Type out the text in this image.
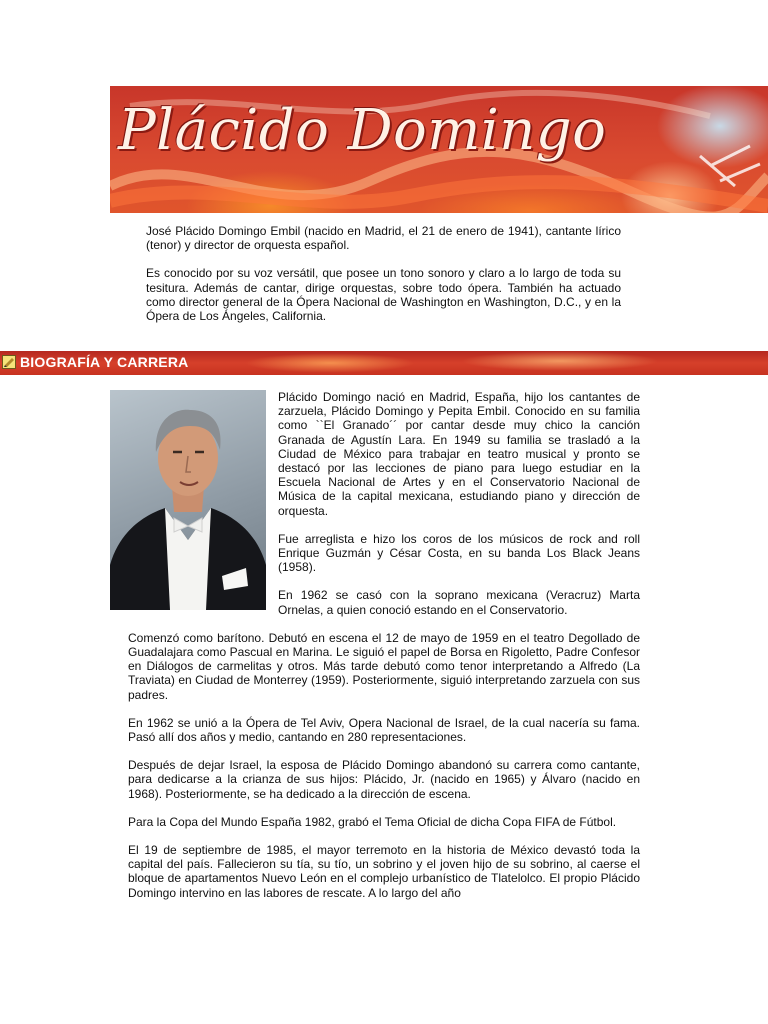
Plácido Domingo

José Plácido Domingo Embil (nacido en Madrid, el 21 de enero de 1941), cantante lírico (tenor) y director de orquesta español.

Es conocido por su voz versátil, que posee un tono sonoro y claro a lo largo de toda su tesitura. Además de cantar, dirige orquestas, sobre todo ópera. También ha actuado como director general de la Ópera Nacional de Washington en Washington, D.C., y en la Ópera de Los Ángeles, California.

BIOGRAFÍA Y CARRERA

Plácido Domingo nació en Madrid, España, hijo los cantantes de zarzuela, Plácido Domingo y Pepita Embil. Conocido en su familia como ``El Granado´´ por cantar desde muy chico la canción Granada de Agustín Lara. En 1949 su familia se trasladó a la Ciudad de México para trabajar en teatro musical y pronto se destacó por las lecciones de piano para luego estudiar en la Escuela Nacional de Artes y en el Conservatorio Nacional de Música de la capital mexicana, estudiando piano y dirección de orquesta.

Fue arreglista e hizo los coros de los músicos de rock and roll Enrique Guzmán y César Costa, en su banda Los Black Jeans (1958).

En 1962 se casó con la soprano mexicana (Veracruz) Marta Ornelas, a quien conoció estando en el Conservatorio.

Comenzó como barítono. Debutó en escena el 12 de mayo de 1959 en el teatro Degollado de Guadalajara como Pascual en Marina. Le siguió el papel de Borsa en Rigoletto, Padre Confesor en Diálogos de carmelitas y otros. Más tarde debutó como tenor interpretando a Alfredo (La Traviata) en Ciudad de Monterrey (1959). Posteriormente, siguió interpretando zarzuela con sus padres.

En 1962 se unió a la Ópera de Tel Aviv, Opera Nacional de Israel, de la cual nacería su fama. Pasó allí dos años y medio, cantando en 280 representaciones.

Después de dejar Israel, la esposa de Plácido Domingo abandonó su carrera como cantante, para dedicarse a la crianza de sus hijos: Plácido, Jr. (nacido en 1965) y Álvaro (nacido en 1968). Posteriormente, se ha dedicado a la dirección de escena.

Para la Copa del Mundo España 1982, grabó el Tema Oficial de dicha Copa FIFA de Fútbol.

El 19 de septiembre de 1985, el mayor terremoto en la historia de México devastó toda la capital del país. Fallecieron su tía, su tío, un sobrino y el joven hijo de su sobrino, al caerse el bloque de apartamentos Nuevo León en el complejo urbanístico de Tlatelolco. El propio Plácido Domingo intervino en las labores de rescate. A lo largo del año
